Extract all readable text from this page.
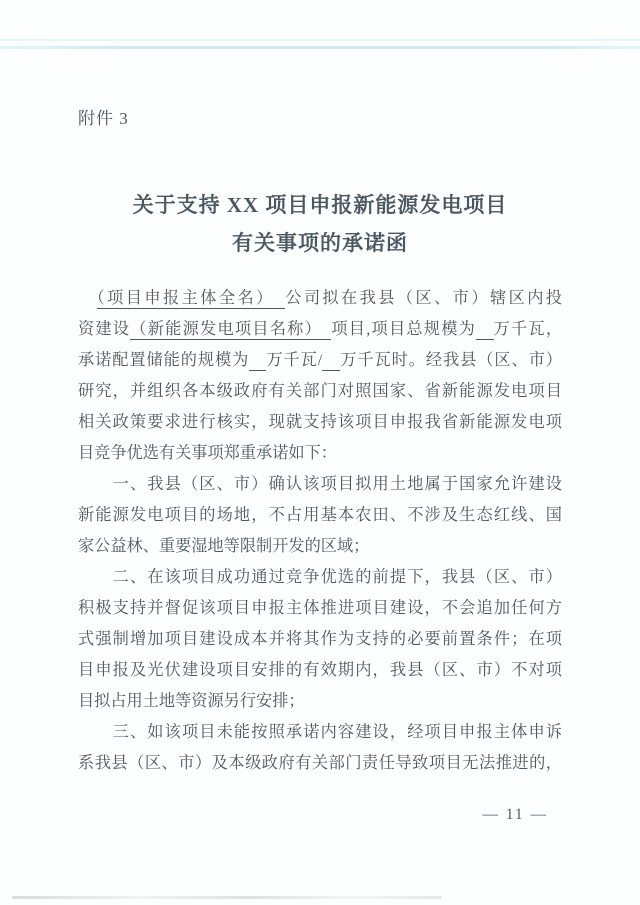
附件 3
关于支持 XX 项目申报新能源发电项目
有关事项的承诺函
　（项目申报主体全名）　公司拟在我县（区、市）辖区内投
资建设（新能源发电项目名称）　项目,项目总规模为　 万千瓦，
承诺配置储能的规模为　 万千瓦/　 万千瓦时。经我县（区、市）
研究，并组织各本级政府有关部门对照国家、省新能源发电项目
相关政策要求进行核实，现就支持该项目申报我省新能源发电项
目竞争优选有关事项郑重承诺如下：
　　一、我县（区、市）确认该项目拟用土地属于国家允许建设
新能源发电项目的场地，不占用基本农田、不涉及生态红线、国
家公益林、重要湿地等限制开发的区域；
　　二、在该项目成功通过竞争优选的前提下，我县（区、市）
积极支持并督促该项目申报主体推进项目建设，不会追加任何方
式强制增加项目建设成本并将其作为支持的必要前置条件；在项
目申报及光伏建设项目安排的有效期内，我县（区、市）不对项
目拟占用土地等资源另行安排；
　　三、如该项目未能按照承诺内容建设，经项目申报主体申诉
系我县（区、市）及本级政府有关部门责任导致项目无法推进的，
— 11 —
